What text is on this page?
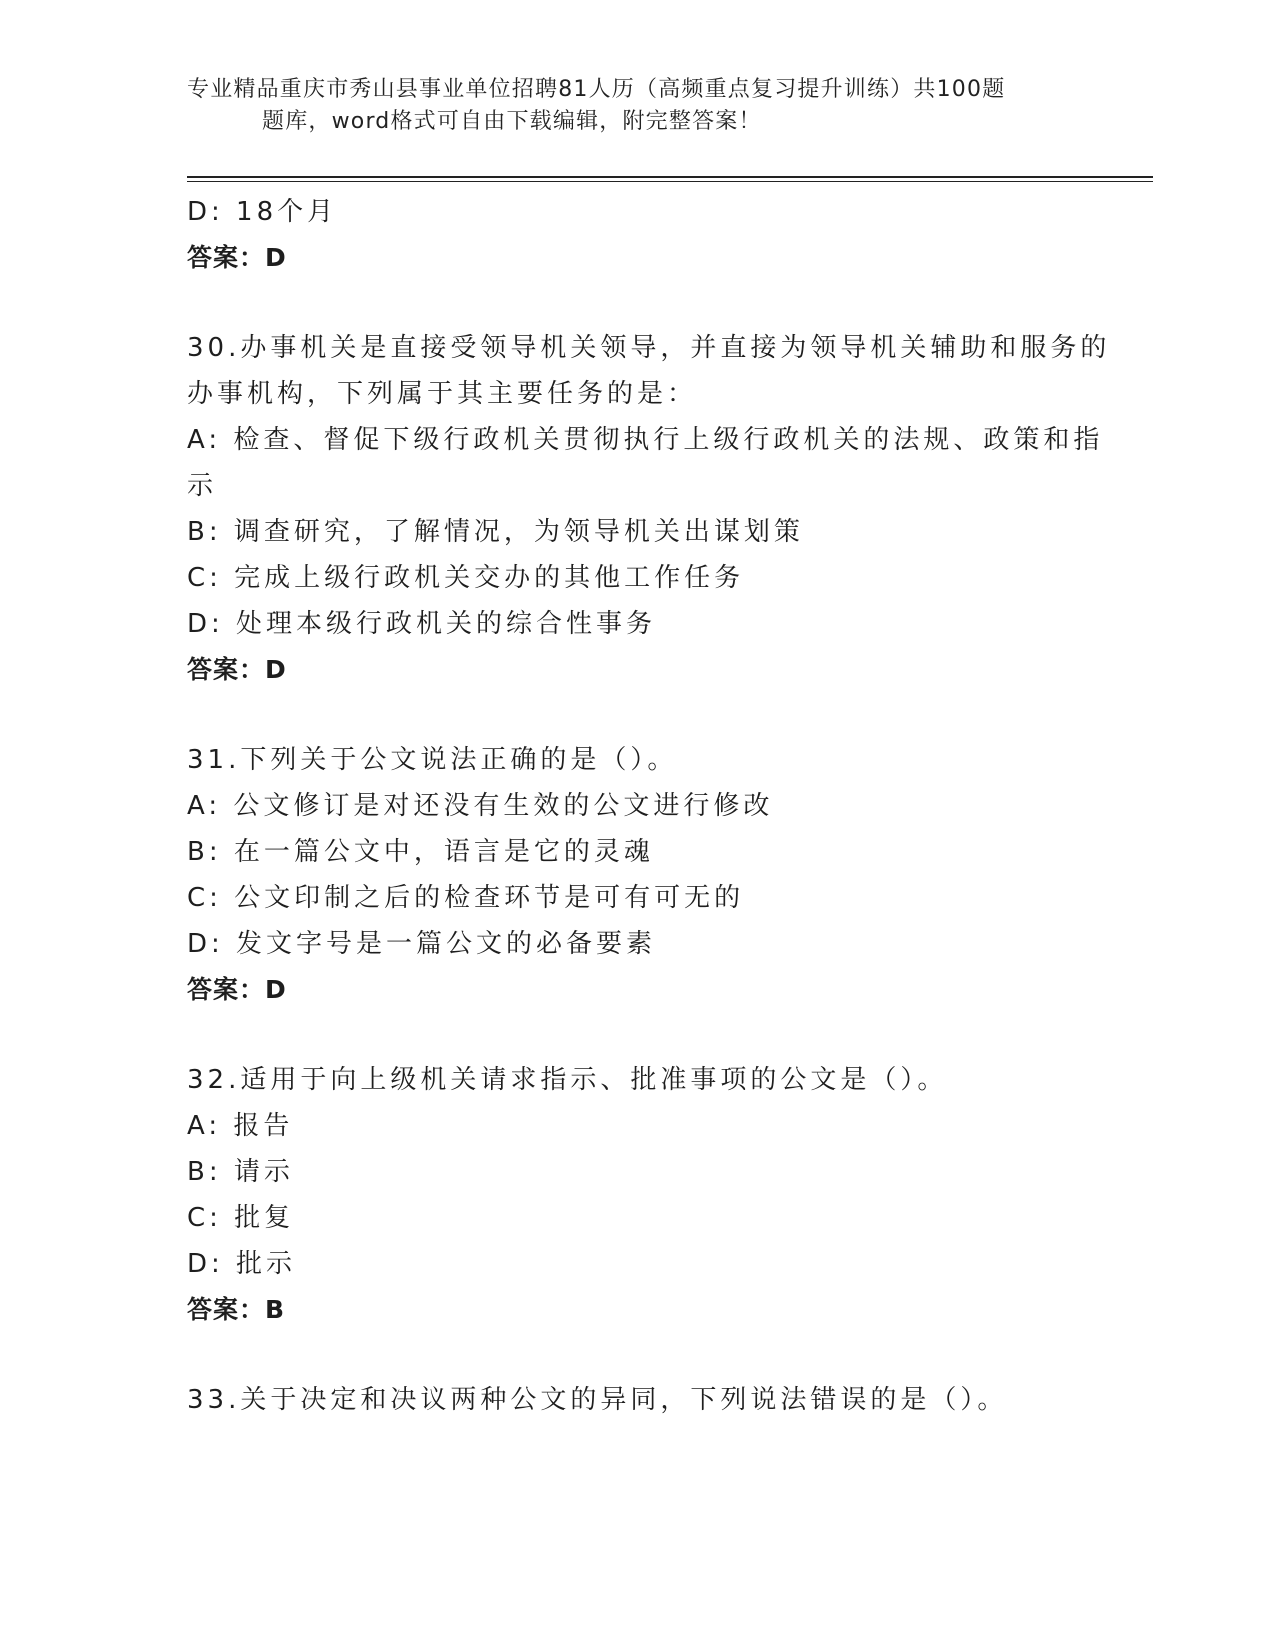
专业精品重庆市秀山县事业单位招聘81人历（高频重点复习提升训练）共100题
题库，word格式可自由下载编辑，附完整答案！
D: 18个月
答案：D
30.办事机关是直接受领导机关领导，并直接为领导机关辅助和服务的
办事机构，下列属于其主要任务的是：
A: 检查、督促下级行政机关贯彻执行上级行政机关的法规、政策和指
示
B: 调查研究，了解情况，为领导机关出谋划策
C: 完成上级行政机关交办的其他工作任务
D: 处理本级行政机关的综合性事务
答案：D
31.下列关于公文说法正确的是（）。
A: 公文修订是对还没有生效的公文进行修改
B: 在一篇公文中，语言是它的灵魂
C: 公文印制之后的检查环节是可有可无的
D: 发文字号是一篇公文的必备要素
答案：D
32.适用于向上级机关请求指示、批准事项的公文是（）。
A: 报告
B: 请示
C: 批复
D: 批示
答案：B
33.关于决定和决议两种公文的异同，下列说法错误的是（）。
